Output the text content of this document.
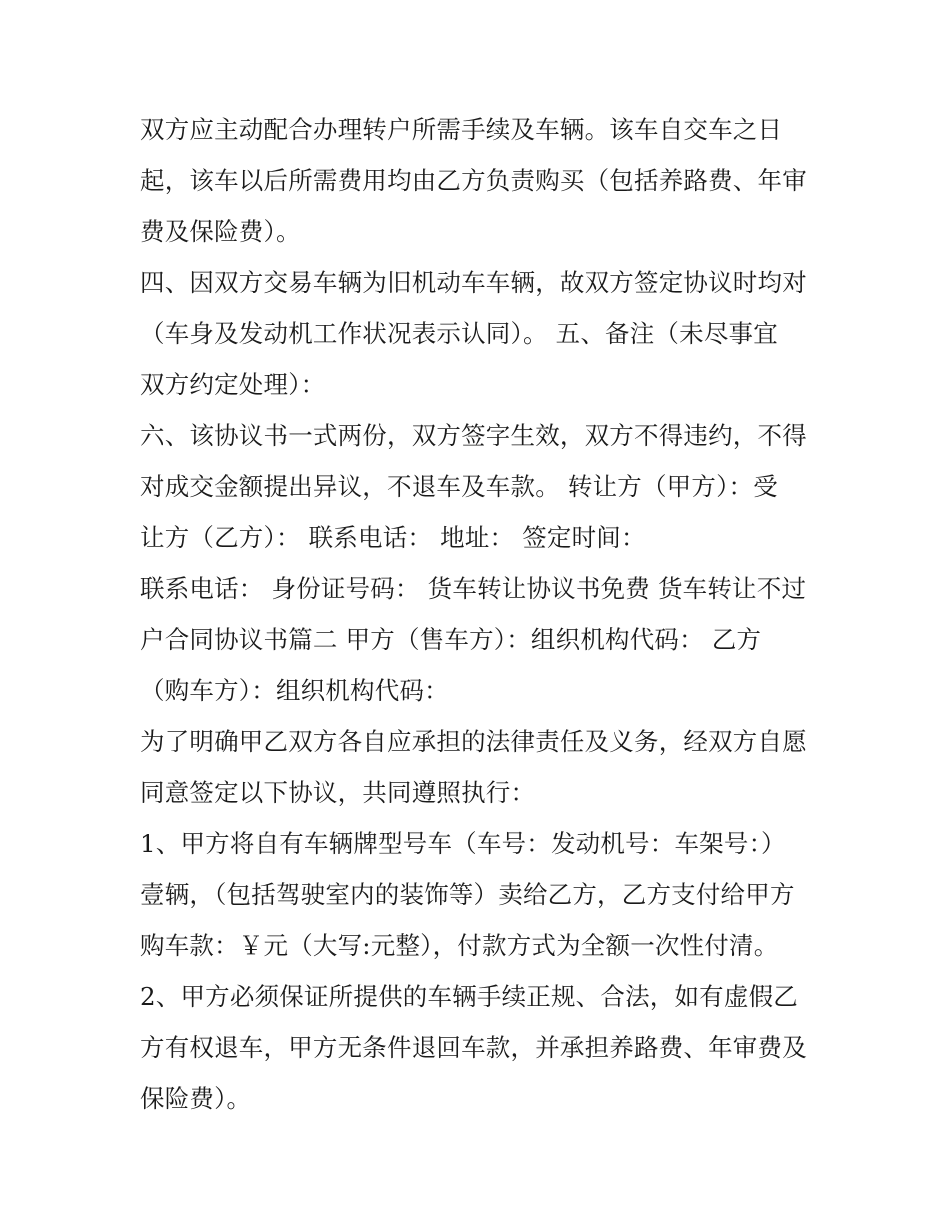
双方应主动配合办理转户所需手续及车辆。该车自交车之日
起，该车以后所需费用均由乙方负责购买（包括养路费、年审
费及保险费）。
四、因双方交易车辆为旧机动车车辆，故双方签定协议时均对
（车身及发动机工作状况表示认同）。 五、备注（未尽事宜
双方约定处理）：
六、该协议书一式两份，双方签字生效，双方不得违约，不得
对成交金额提出异议，不退车及车款。 转让方（甲方）：受
让方（乙方）： 联系电话： 地址： 签定时间：
联系电话： 身份证号码： 货车转让协议书免费 货车转让不过
户合同协议书篇二 甲方（售车方）：组织机构代码： 乙方
（购车方）：组织机构代码：
为了明确甲乙双方各自应承担的法律责任及义务，经双方自愿
同意签定以下协议，共同遵照执行：
1、甲方将自有车辆牌型号车（车号：发动机号：车架号：）
壹辆，（包括驾驶室内的装饰等）卖给乙方，乙方支付给甲方
购车款：￥元（大写:元整），付款方式为全额一次性付清。
2、甲方必须保证所提供的车辆手续正规、合法，如有虚假乙
方有权退车，甲方无条件退回车款，并承担养路费、年审费及
保险费）。
